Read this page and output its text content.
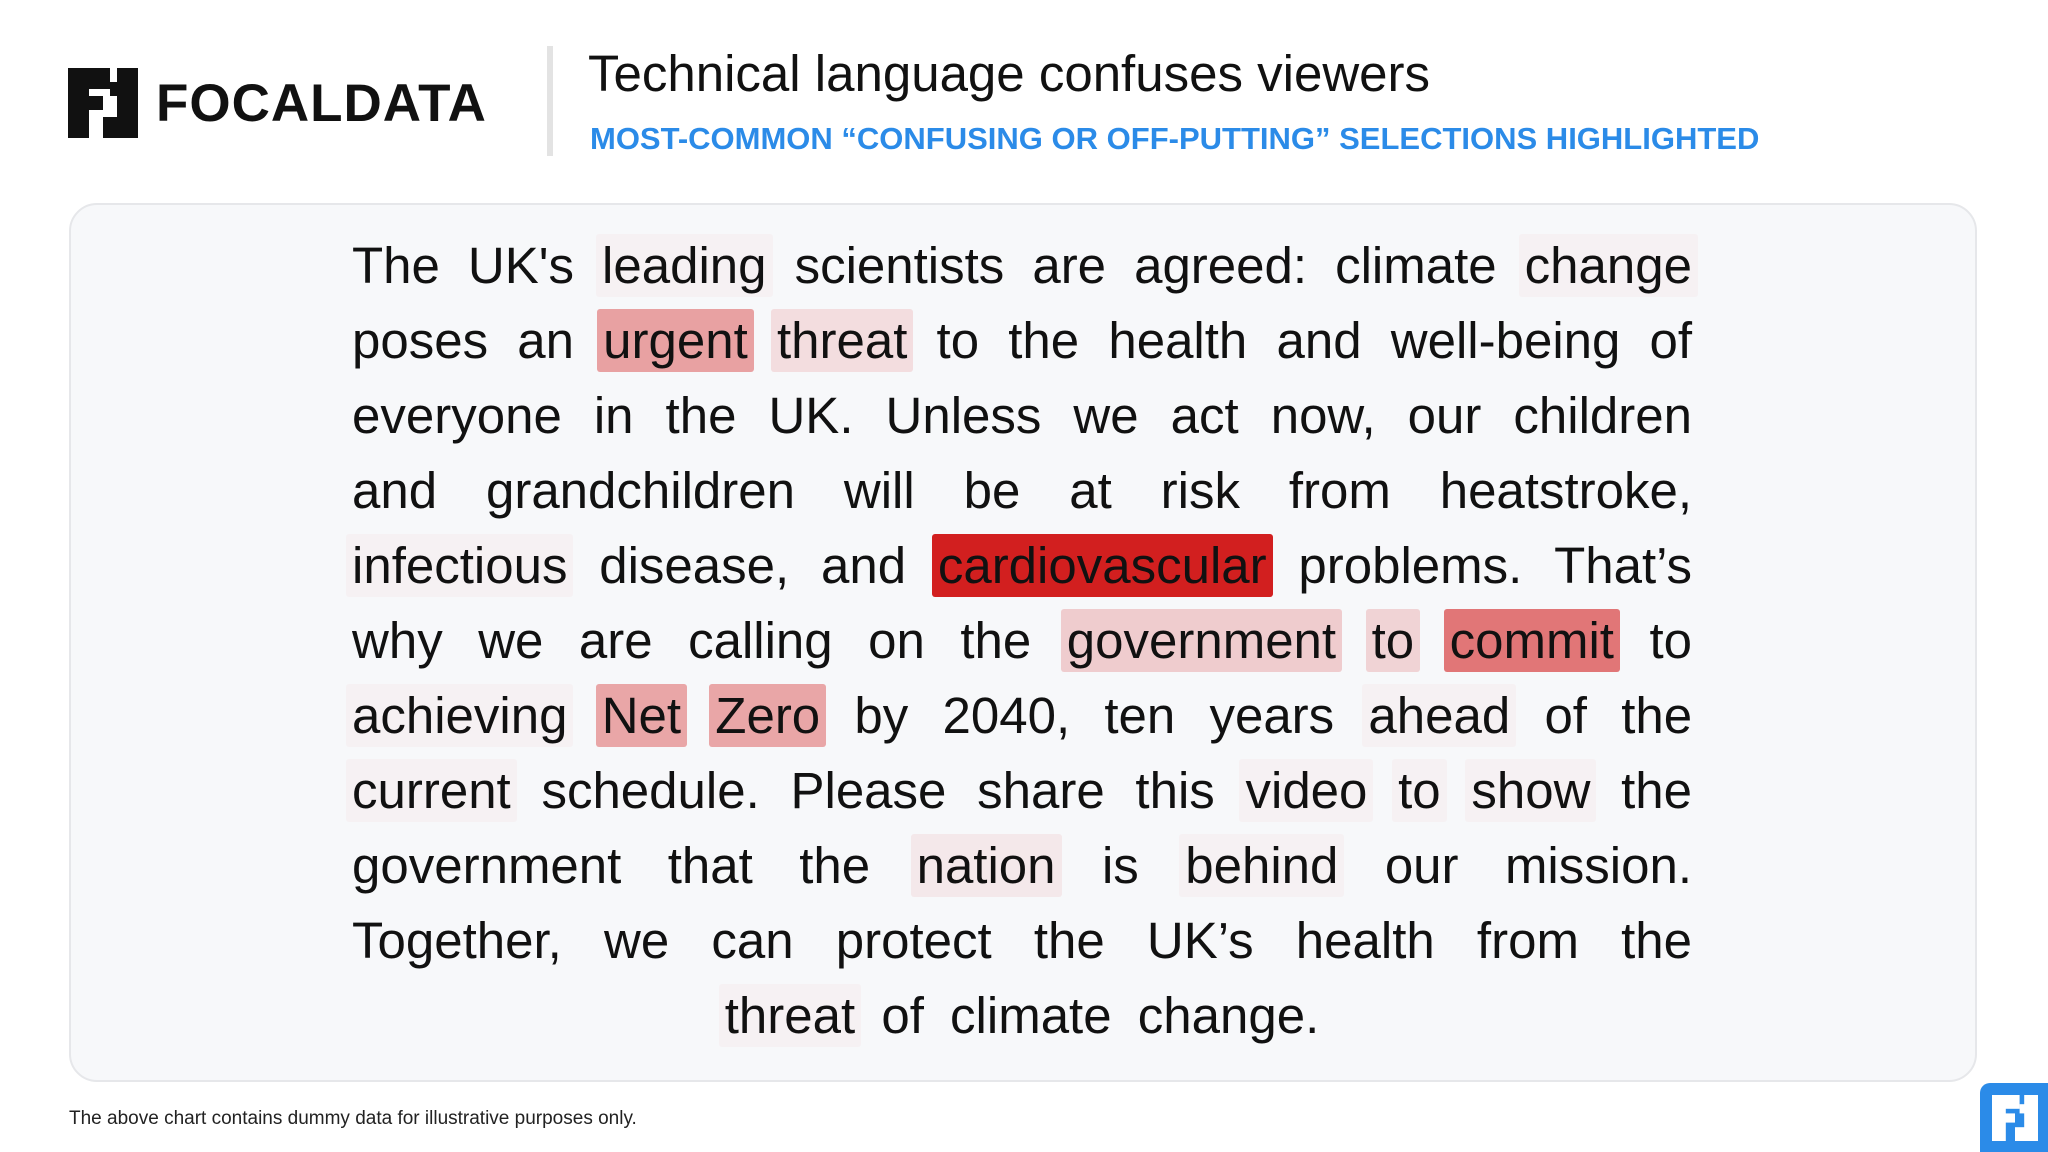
FOCALDATA Technical language confuses viewers
MOST-COMMON “CONFUSING OR OFF-PUTTING” SELECTIONS HIGHLIGHTED
The UK's leading scientists are agreed: climate change poses an urgent threat to the health and well-being of everyone in the UK. Unless we act now, our children and grandchildren will be at risk from heatstroke, infectious disease, and cardiovascular problems. That’s why we are calling on the government to commit to achieving Net Zero by 2040, ten years ahead of the current schedule. Please share this video to show the government that the nation is behind our mission. Together, we can protect the UK’s health from the threat of climate change.
The above chart contains dummy data for illustrative purposes only.
